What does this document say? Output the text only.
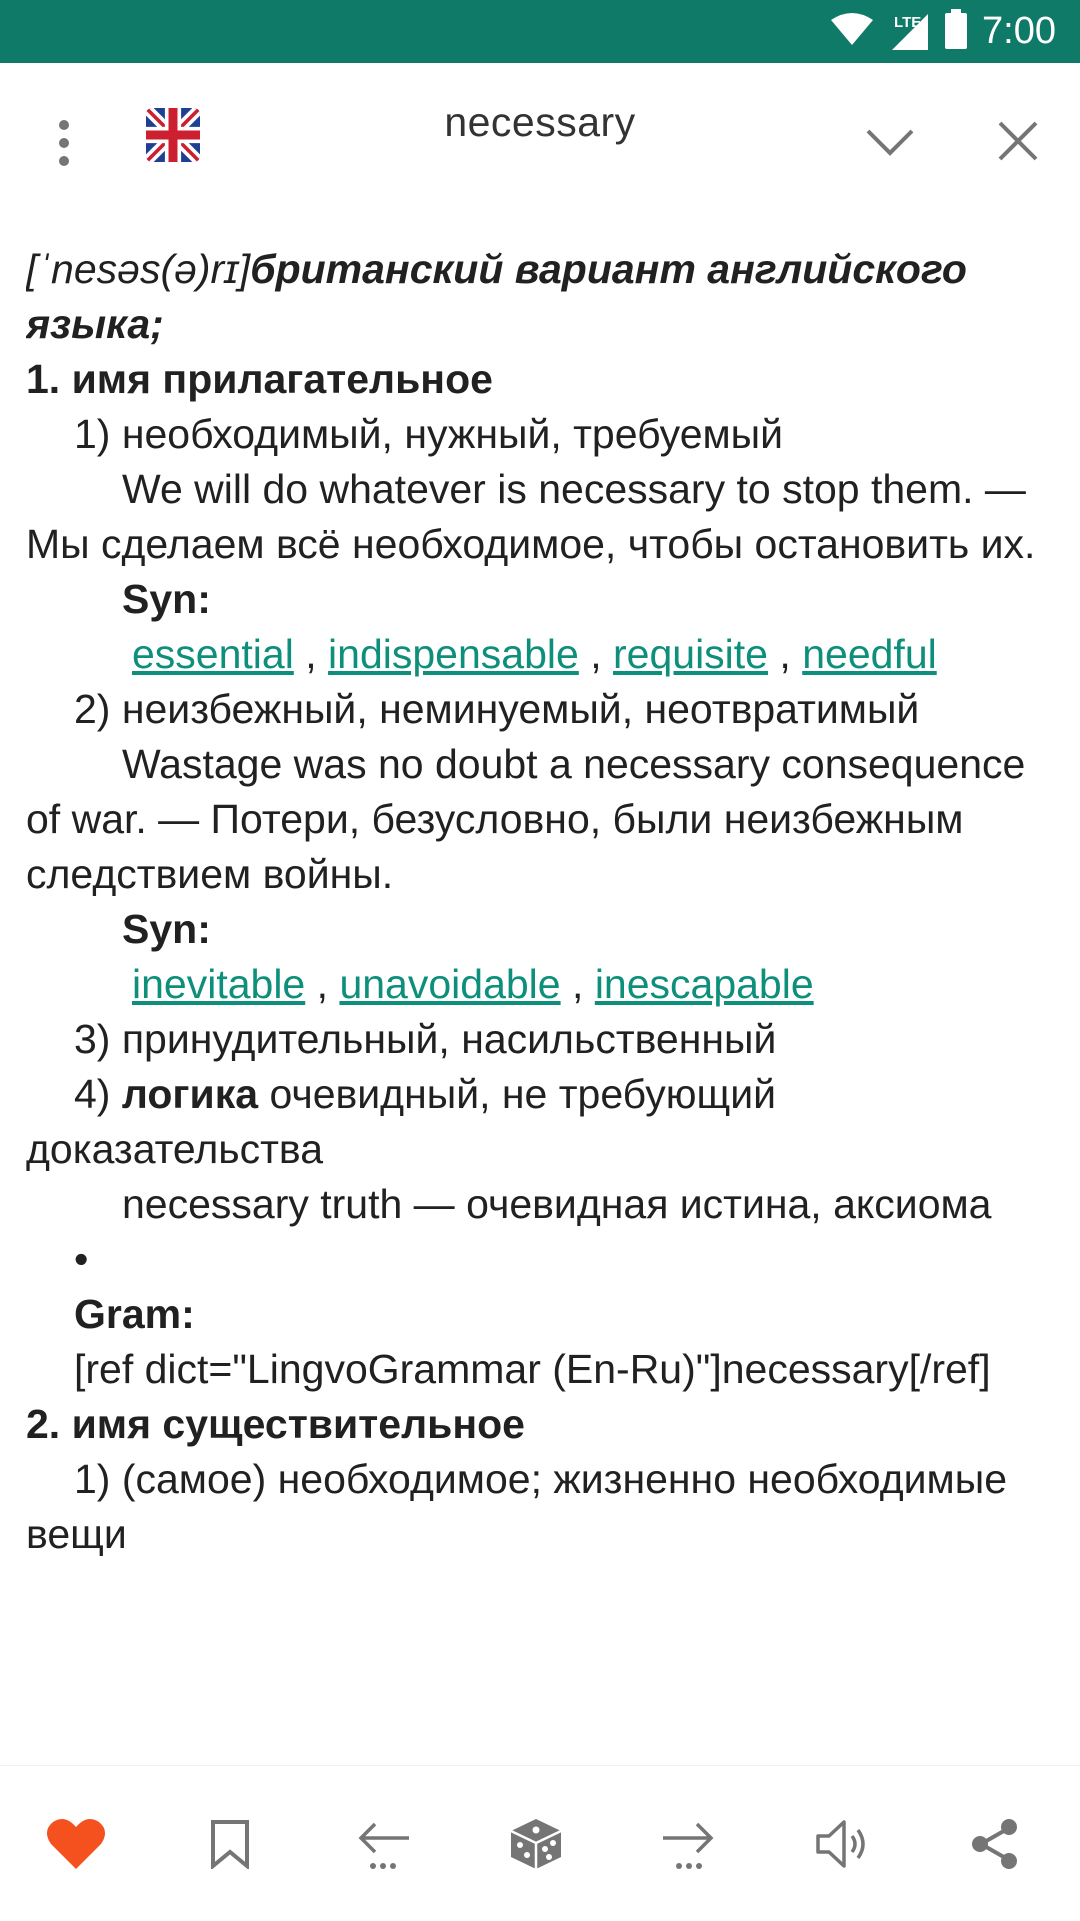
LTE 7:00
necessary

[ˈnesəs(ə)rɪ]британский вариант английского языка;

1. имя прилагательное

1) необходимый, нужный, требуемый

We will do whatever is necessary to stop them. — Мы сделаем всё необходимое, чтобы остановить их.

Syn:

essential , indispensable , requisite , needful

2) неизбежный, неминуемый, неотвратимый

Wastage was no doubt a necessary consequence of war. — Потери, безусловно, были неизбежным следствием войны.

Syn:

inevitable , unavoidable , inescapable

3) принудительный, насильственный

4) логика очевидный, не требующий доказательства

necessary truth — очевидная истина, аксиома

•

Gram:

[ref dict="LingvoGrammar (En-Ru)"]necessary[/ref]

2. имя существительное

1) (самое) необходимое; жизненно необходимые вещи
